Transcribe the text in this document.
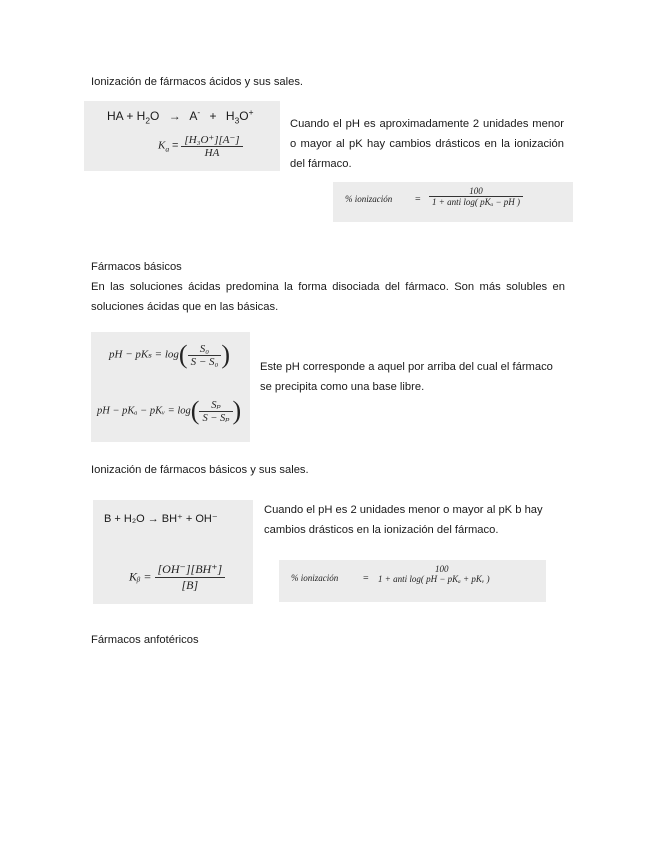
Ionización de fármacos ácidos y sus sales.

HA + $H_2O \to A^- + H_3O^+$
$K_a = \frac{\text{[H₃O⁺][A⁻]}}{HA}$

Cuando el pH es aproximadamente 2 unidades menor o mayor al pK hay cambios drásticos en la ionización del fármaco.

% ionización = $\frac{100}{\text{1 + anti log( pKₐ − pH )}}$

Fármacos básicos

En las soluciones ácidas predomina la forma disociada del fármaco. Son más solubles en soluciones ácidas que en las básicas.

pH − $pK_s = \log( \frac{\text{S₀}}{\text{S − S₀}}$ )
pH − pKₐ − pKᵥ = $\log( \frac{\text{Sₚ}}{\text{S − Sₚ}}$ )

Este pH corresponde a aquel por arriba del cual el fármaco se precipita como una base libre.

Ionización de fármacos básicos y sus sales.

B + H₂O → BH⁺ + OH⁻
Kᵦ = $\frac{[OH^-][BH^+]}{[B]}$

Cuando el pH es 2 unidades menor o mayor al pK b hay cambios drásticos en la ionización del fármaco.

% ionización =
100
1 + anti log( pH − pKₐ + pKᵥ )

Fármacos anfotéricos
